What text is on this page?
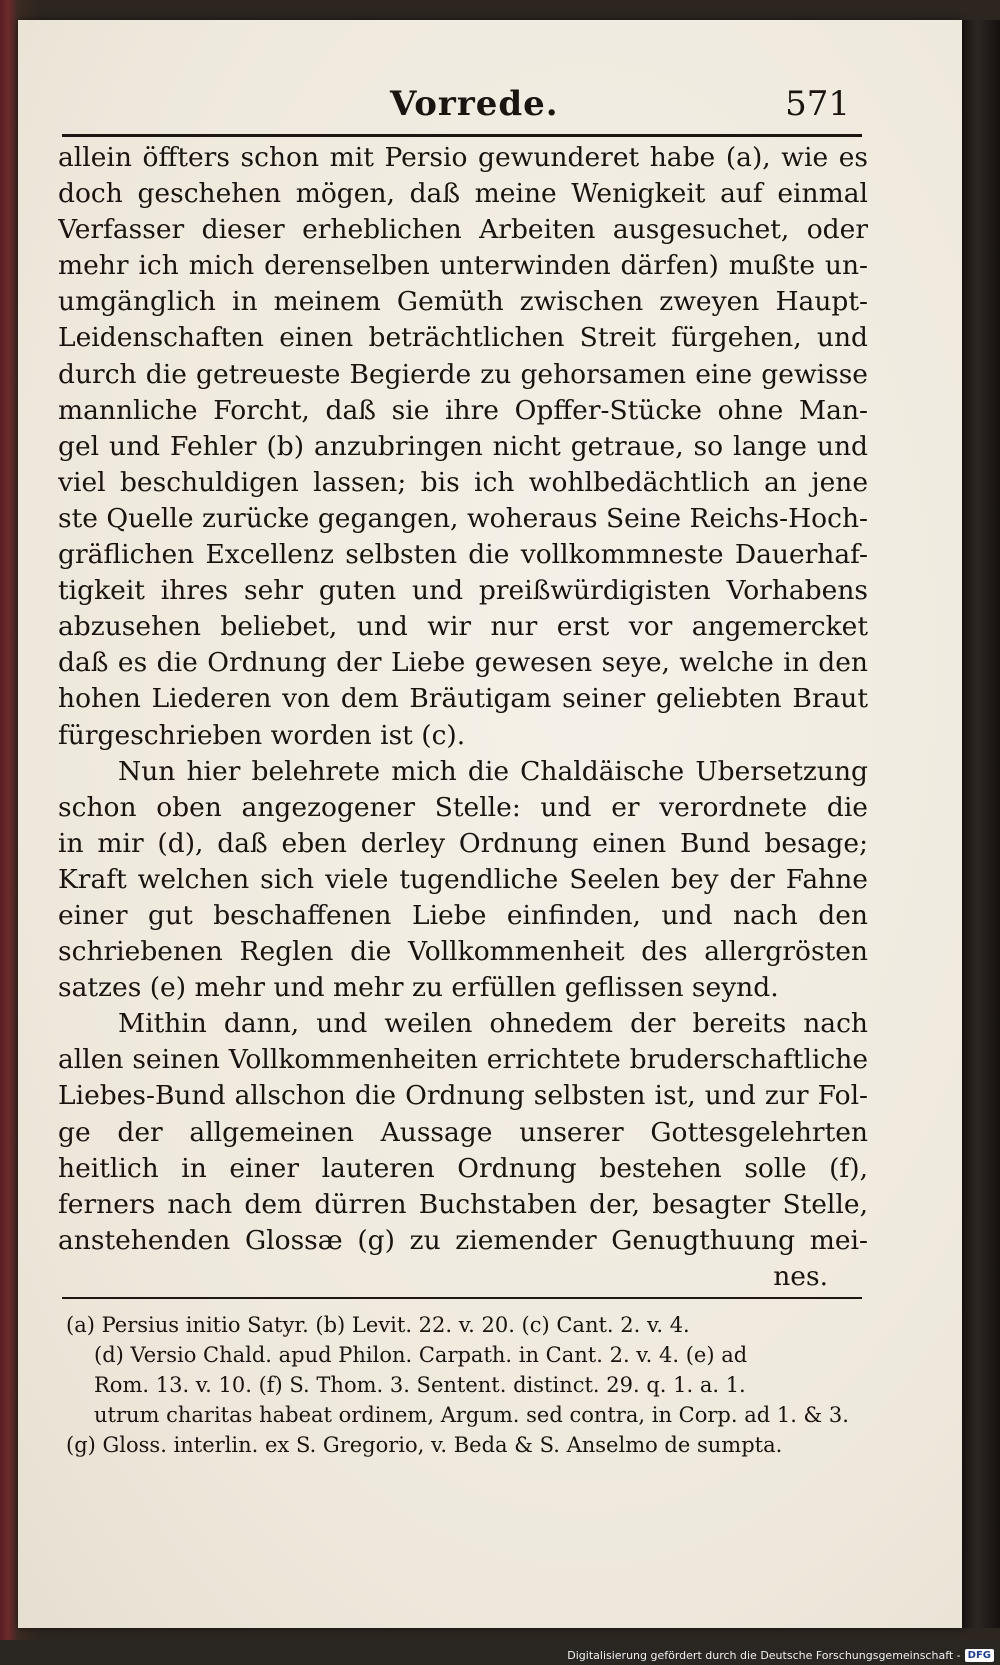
Vorrede.	571
allein öffters schon mit Persio gewunderet habe (a), wie es
doch geschehen mögen, daß meine Wenigkeit auf einmal
Verfasser dieser erheblichen Arbeiten ausgesuchet, oder
mehr ich mich derenselben unterwinden därfen) mußte un-
umgänglich in meinem Gemüth zwischen zweyen Haupt-
Leidenschaften einen beträchtlichen Streit fürgehen, und
durch die getreueste Begierde zu gehorsamen eine gewisse
mannliche Forcht, daß sie ihre Opffer-Stücke ohne Man-
gel und Fehler (b) anzubringen nicht getraue, so lange und
viel beschuldigen lassen; bis ich wohlbedächtlich an jene
ste Quelle zurücke gegangen, woheraus Seine Reichs-Hoch-
gräflichen Excellenz selbsten die vollkommneste Dauerhaf-
tigkeit ihres sehr guten und preißwürdigisten Vorhabens
abzusehen beliebet, und wir nur erst vor angemercket
daß es die Ordnung der Liebe gewesen seye, welche in den
hohen Liederen von dem Bräutigam seiner geliebten Braut
fürgeschrieben worden ist (c).
Nun hier belehrete mich die Chaldäische Ubersetzung
schon oben angezogener Stelle: und er verordnete die
in mir (d), daß eben derley Ordnung einen Bund besage;
Kraft welchen sich viele tugendliche Seelen bey der Fahne
einer gut beschaffenen Liebe einfinden, und nach den
schriebenen Reglen die Vollkommenheit des allergrösten
satzes (e) mehr und mehr zu erfüllen geflissen seynd.
Mithin dann, und weilen ohnedem der bereits nach
allen seinen Vollkommenheiten errichtete bruderschaftliche
Liebes-Bund allschon die Ordnung selbsten ist, und zur Fol-
ge der allgemeinen Aussage unserer Gottesgelehrten
heitlich in einer lauteren Ordnung bestehen solle (f),
ferners nach dem dürren Buchstaben der, besagter Stelle,
anstehenden Glossæ (g) zu ziemender Genugthuung mei-
nes.
(a) Persius initio Satyr. (b) Levit. 22. v. 20. (c) Cant. 2. v. 4.
(d) Versio Chald. apud Philon. Carpath. in Cant. 2. v. 4. (e) ad
Rom. 13. v. 10. (f) S. Thom. 3. Sentent. distinct. 29. q. 1. a. 1.
utrum charitas habeat ordinem, Argum. sed contra, in Corp. ad 1. & 3.
(g) Gloss. interlin. ex S. Gregorio, v. Beda & S. Anselmo de sumpta.
Digitalisierung gefördert durch die Deutsche Forschungsgemeinschaft - DFG
